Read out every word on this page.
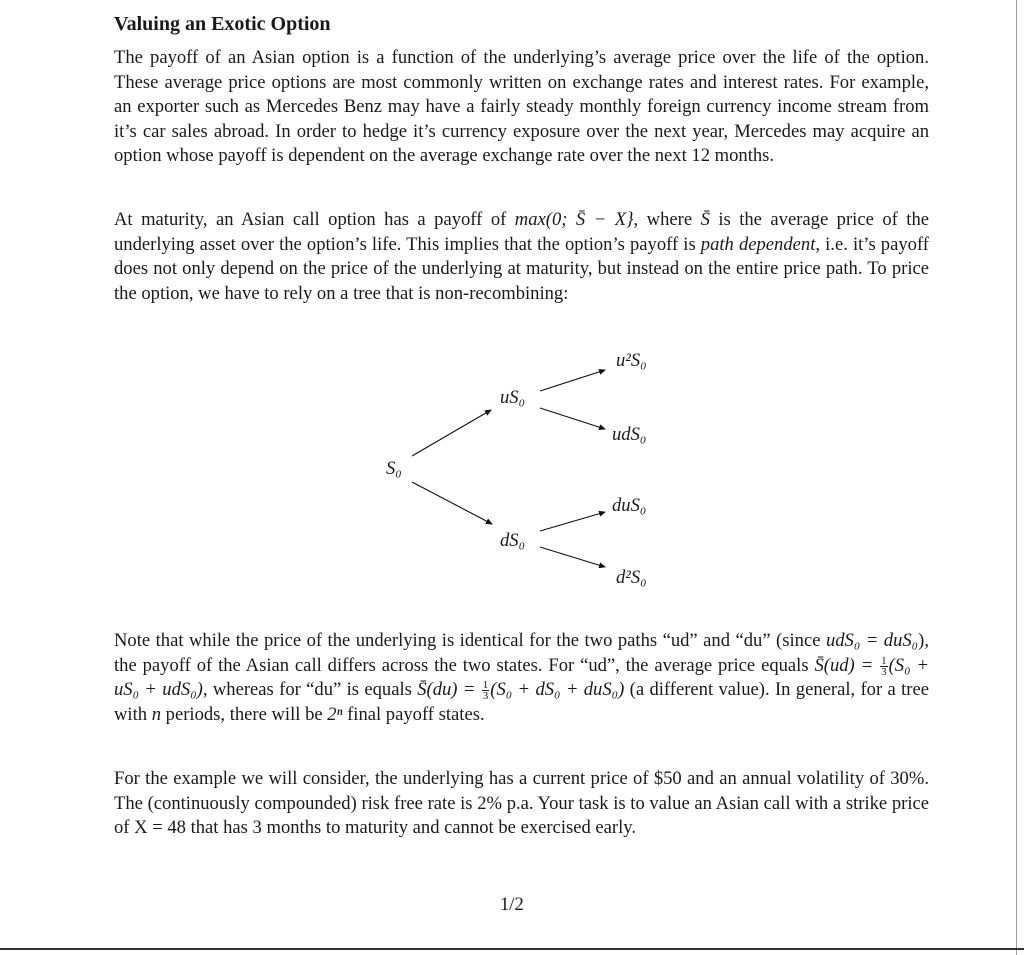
Valuing an Exotic Option

The payoff of an Asian option is a function of the underlying’s average price over the life of the option. These average price options are most commonly written on exchange rates and interest rates. For example, an exporter such as Mercedes Benz may have a fairly steady monthly foreign currency income stream from it’s car sales abroad. In order to hedge it’s currency exposure over the next year, Mercedes may acquire an option whose payoff is dependent on the average exchange rate over the next 12 months.

At maturity, an Asian call option has a payoff of max(0; S̄ − X}, where S̄ is the average price of the underlying asset over the option’s life. This implies that the option’s payoff is path dependent, i.e. it’s payoff does not only depend on the price of the underlying at maturity, but instead on the entire price path. To price the option, we have to rely on a tree that is non-recombining:

S₀
uS₀
dS₀
u²S₀
udS₀
duS₀
d²S₀

Note that while the price of the underlying is identical for the two paths “ud” and “du” (since udS₀ = duS₀), the payoff of the Asian call differs across the two states. For “ud”, the average price equals S̄(ud) = $\frac{1}{3} (S_0 + uS_0 + udS_0)$, whereas for “du” is equals S̄(du) = $\frac{1}{3} (S_0 + dS_0 + duS_0)$ (a different value). In general, for a tree with n periods, there will be 2ⁿ final payoff states.

For the example we will consider, the underlying has a current price of $50 and an annual volatility of 30%. The (continuously compounded) risk free rate is 2% p.a. Your task is to value an Asian call with a strike price of X = 48 that has 3 months to maturity and cannot be exercised early.

1/2
